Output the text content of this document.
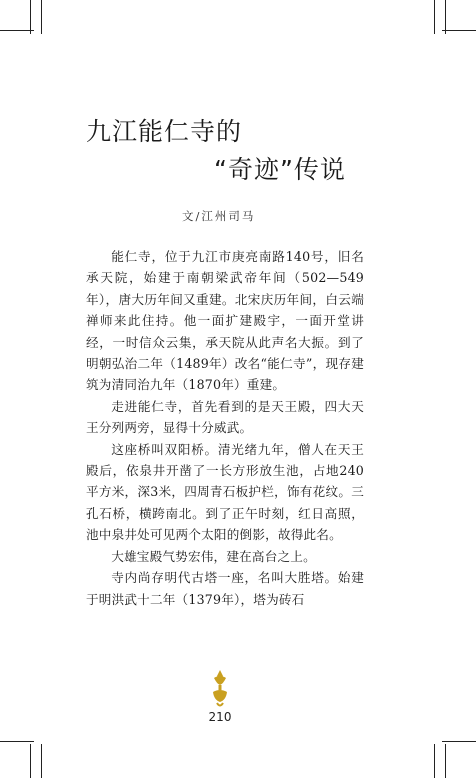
九江能仁寺的
“奇迹”传说
文/江州司马

能仁寺，位于九江市庚亮南路140号，旧名承天院，始建于南朝梁武帝年间（502—549年），唐大历年间又重建。北宋庆历年间，白云端禅师来此住持。他一面扩建殿宇，一面开堂讲经，一时信众云集，承天院从此声名大振。到了明朝弘治二年（1489年）改名“能仁寺”，现存建筑为清同治九年（1870年）重建。

走进能仁寺，首先看到的是天王殿，四大天王分列两旁，显得十分威武。

这座桥叫双阳桥。清光绪九年，僧人在天王殿后，依泉井开凿了一长方形放生池，占地240平方米，深3米，四周青石板护栏，饰有花纹。三孔石桥，横跨南北。到了正午时刻，红日高照，池中泉井处可见两个太阳的倒影，故得此名。

大雄宝殿气势宏伟，建在高台之上。

寺内尚存明代古塔一座，名叫大胜塔。始建于明洪武十二年（1379年），塔为砖石

210
